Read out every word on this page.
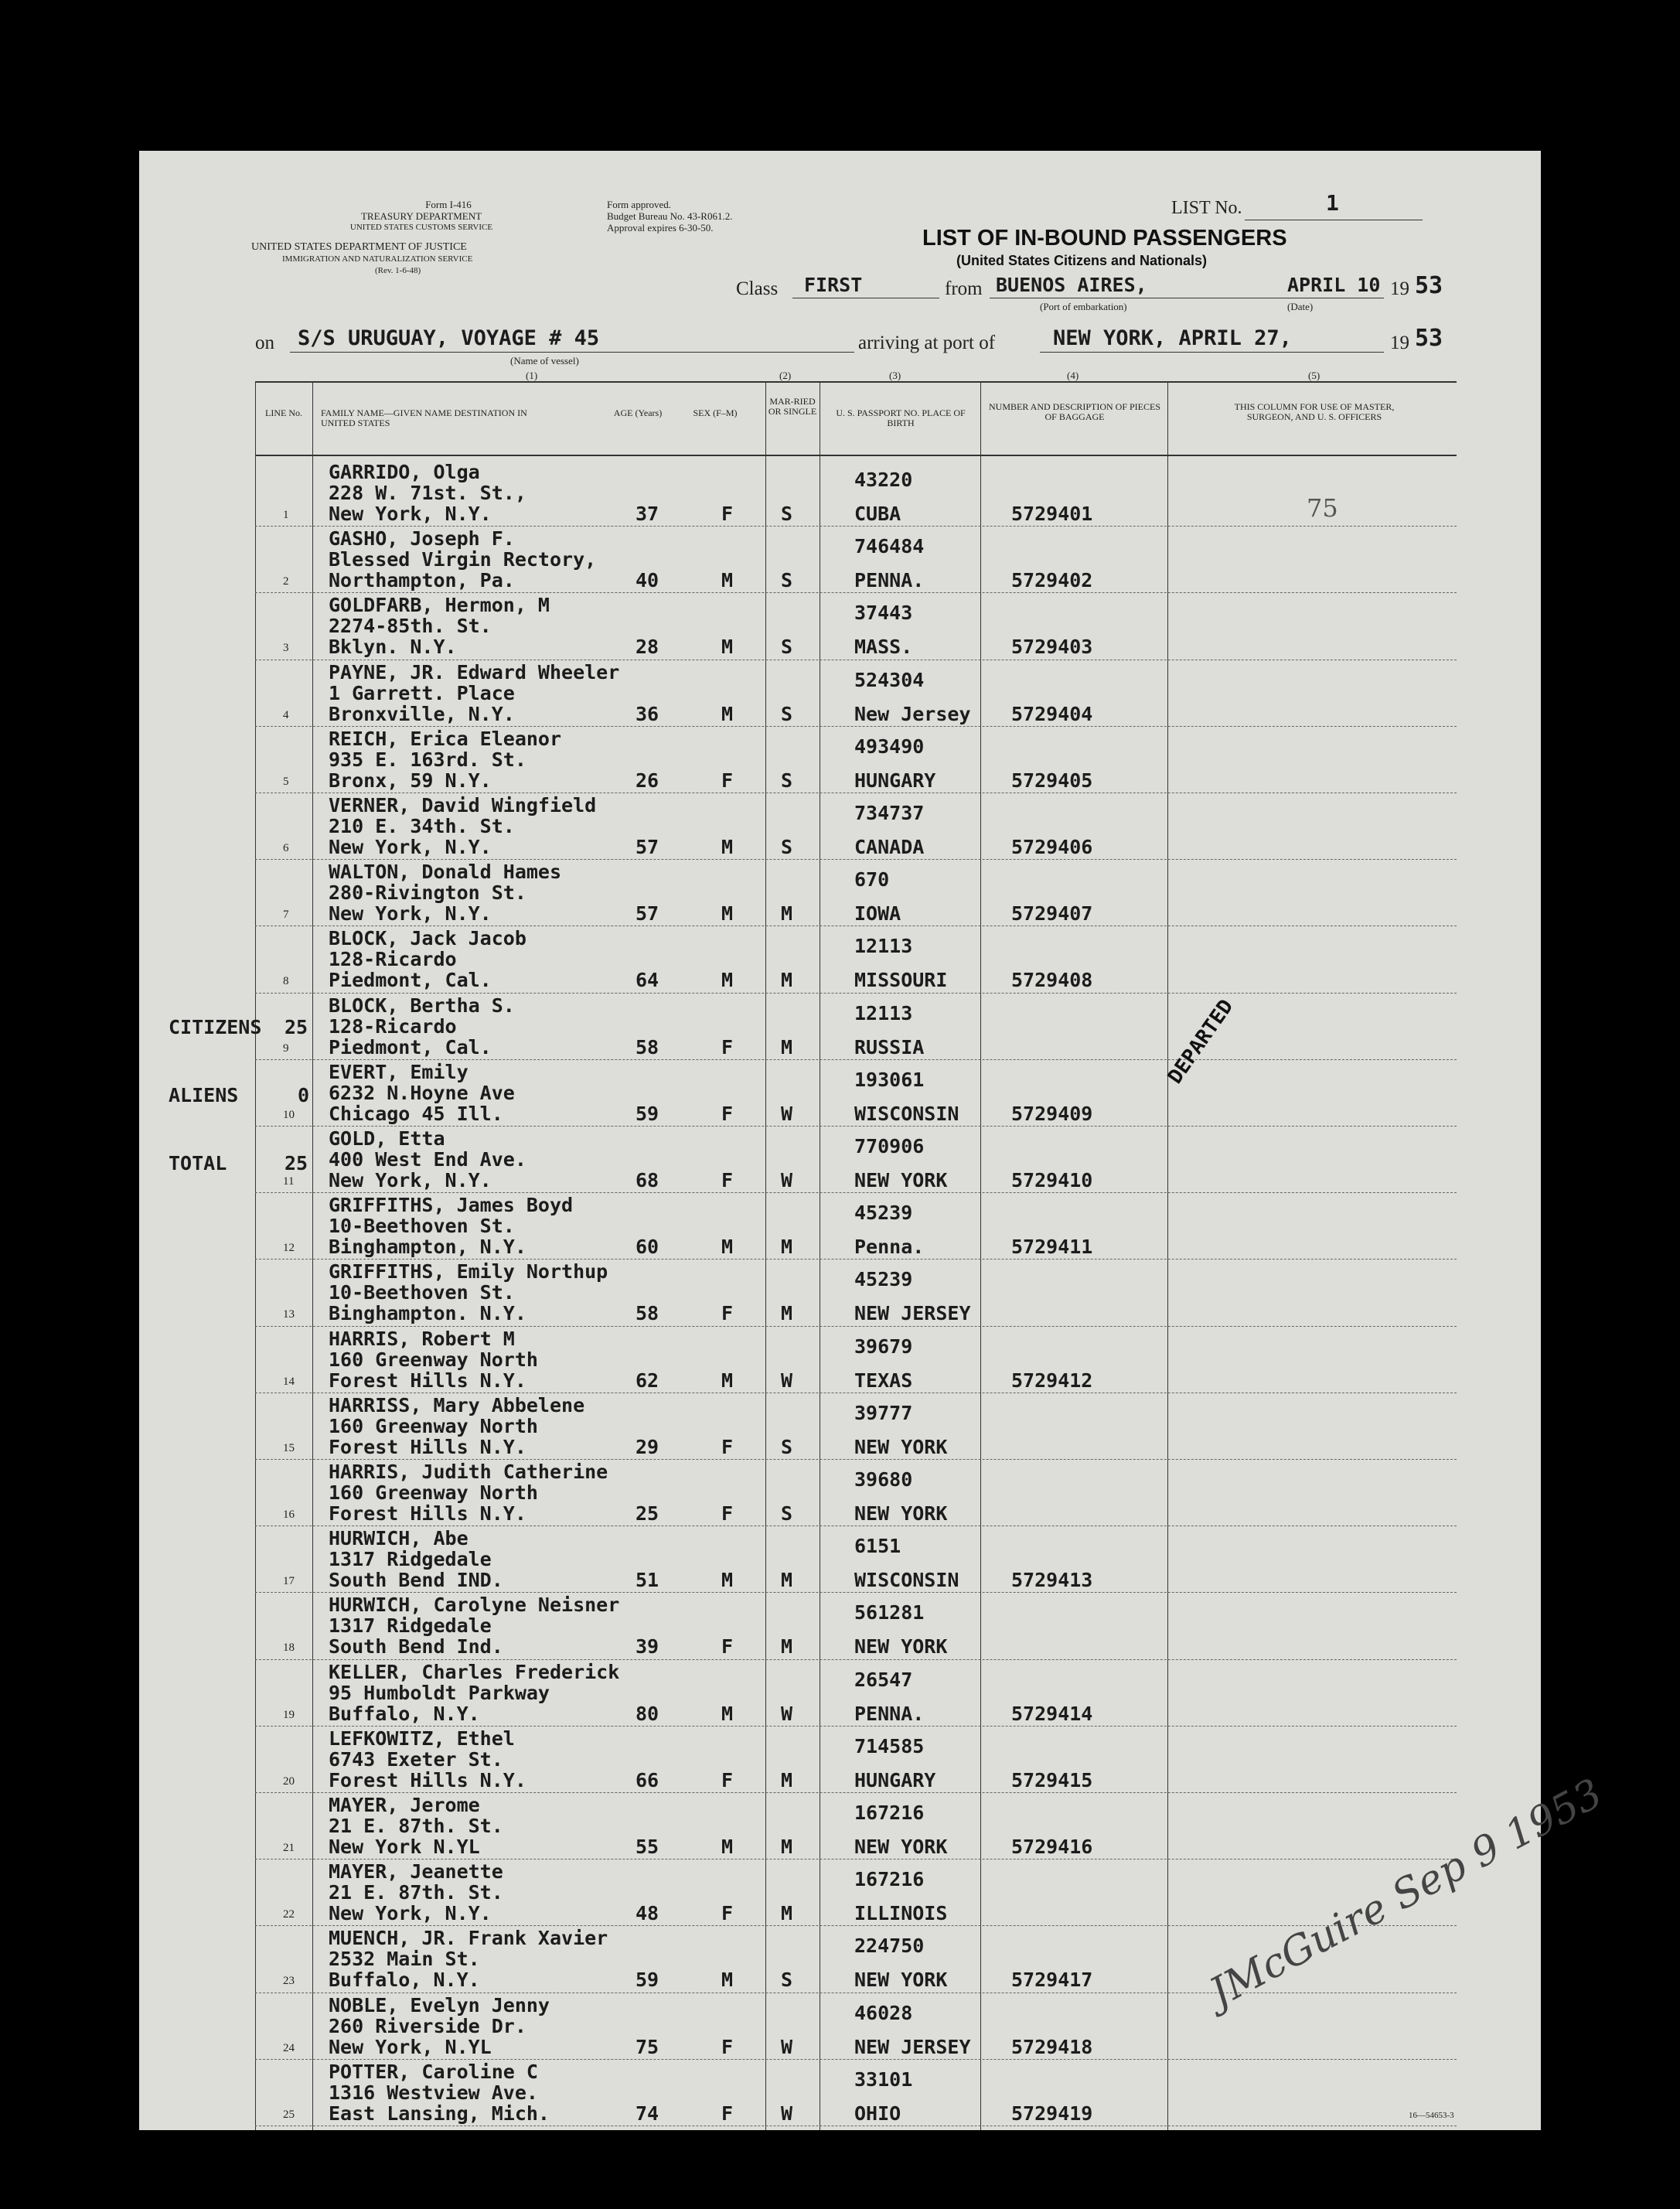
Form I-416
TREASURY DEPARTMENT
UNITED STATES CUSTOMS SERVICE
UNITED STATES DEPARTMENT OF JUSTICE
IMMIGRATION AND NATURALIZATION SERVICE
(Rev. 1-6-48)
Form approved.
Budget Bureau No. 43-R061.2.
Approval expires 6-30-50.
LIST No.	1
LIST OF IN-BOUND PASSENGERS
(United States Citizens and Nationals)
Class FIRST	from BUENOS AIRES,	APRIL 10 19 53
(Port of embarkation)	(Date)
on S/S URUGUAY, VOYAGE # 45
(Name of vessel)
arriving at port of	NEW YORK, APRIL 27,	19 53
(1)	(2)	(3)	(4)	(5)
LINE No.	FAMILY NAME—GIVEN NAME DESTINATION IN UNITED STATES
AGE (Years)	SEX (F–M)
MAR-RIED OR SINGLE	U. S. PASSPORT NO. PLACE OF BIRTH
NUMBER AND DESCRIPTION OF PIECES OF BAGGAGE
THIS COLUMN FOR USE OF MASTER, SURGEON, AND U. S. OFFICERS
1
GARRIDO, Olga
228 W. 71st. St.,
New York, N.Y.	37	F S
43220
CUBA	5729401
2
GASHO, Joseph F.
Blessed Virgin Rectory,
Northampton, Pa.	40	M S
746484
PENNA.	5729402
3
GOLDFARB, Hermon, M
2274-85th. St.
Bklyn. N.Y.	28	M S
37443
MASS.	5729403
4
PAYNE, JR. Edward Wheeler
1 Garrett. Place
Bronxville, N.Y.	36	M S
524304
New Jersey 5729404
5
REICH, Erica Eleanor
935 E. 163rd. St.
Bronx, 59 N.Y.	26	F S
493490
HUNGARY	5729405
6
VERNER, David Wingfield
210 E. 34th. St.
New York, N.Y.	57	M S
734737
CANADA	5729406
7
WALTON, Donald Hames
280-Rivington St.
New York, N.Y.	57	M M
670
IOWA	5729407
8
BLOCK, Jack Jacob
128-Ricardo
Piedmont, Cal.	64	M M
12113
MISSOURI	5729408
9
BLOCK, Bertha S.
128-Ricardo
Piedmont, Cal.	58	F M
12113
RUSSIA
10
EVERT, Emily
6232 N.Hoyne Ave
Chicago 45 Ill.	59	F W
193061
WISCONSIN	5729409
11
GOLD, Etta
400 West End Ave.
New York, N.Y.	68	F W
770906
NEW YORK	5729410
12
GRIFFITHS, James Boyd
10-Beethoven St.
Binghampton, N.Y.	60	M M
45239
Penna.	5729411
13
GRIFFITHS, Emily Northup
10-Beethoven St.
Binghampton. N.Y.	58	F M
45239
NEW JERSEY
14
HARRIS, Robert M
160 Greenway North
Forest Hills N.Y.	62	M W
39679
TEXAS	5729412
15
HARRISS, Mary Abbelene
160 Greenway North
Forest Hills N.Y.	29	F S
39777
NEW YORK
16
HARRIS, Judith Catherine
160 Greenway North
Forest Hills N.Y.	25	F S
39680
NEW YORK
17
HURWICH, Abe
1317 Ridgedale
South Bend IND.	51	M M
6151
WISCONSIN	5729413
18
HURWICH, Carolyne Neisner
1317 Ridgedale
South Bend Ind.	39	F M
561281
NEW YORK
19
KELLER, Charles Frederick
95 Humboldt Parkway
Buffalo, N.Y.	80	M W
26547
PENNA.	5729414
20
LEFKOWITZ, Ethel
6743 Exeter St.
Forest Hills N.Y.	66	F M
714585
HUNGARY	5729415
21
MAYER, Jerome
21 E. 87th. St.
New York N.YL	55	M M
167216
NEW YORK	5729416
22
MAYER, Jeanette
21 E. 87th. St.
New York, N.Y.	48	F M
167216
ILLINOIS
23
MUENCH, JR. Frank Xavier
2532 Main St.
Buffalo, N.Y.	59	M S
224750
NEW YORK	5729417
24
NOBLE, Evelyn Jenny
260 Riverside Dr.
New York, N.YL	75	F W
46028
NEW JERSEY 5729418
25
POTTER, Caroline C
1316 Westview Ave.
East Lansing, Mich.	74	F W
33101
OHIO	5729419
CITIZENS 25
ALIENS	0
TOTAL	25
75
DEPARTED
JMcGuire Sep 9 1953
16—54653-3
